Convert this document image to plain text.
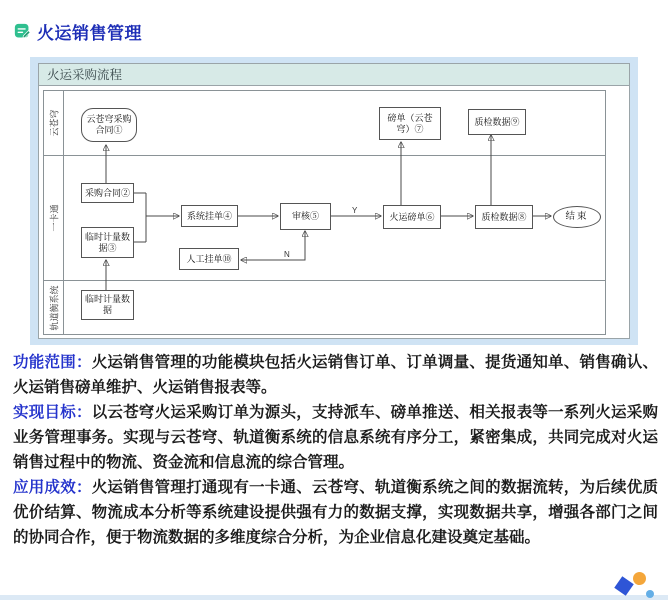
火运销售管理
火运采购流程
云苍穹
一卡通
轨道衡系统
Y
N
云苍穹采购合同①
采购合同②
临时计量数据③
系统挂单④	审核⑤	火运磅单⑥
磅单（云苍穹）⑦
质检数据⑧
质检数据⑨
人工挂单⑩
临时计量数据
结束

功能范围：火运销售管理的功能模块包括火运销售订单、订单调量、提货通知单、销售确认、火运销售磅单维护、火运销售报表等。

实现目标：以云苍穹火运采购订单为源头，支持派车、磅单推送、相关报表等一系列火运采购业务管理事务。实现与云苍穹、轨道衡系统的信息系统有序分工，紧密集成，共同完成对火运销售过程中的物流、资金流和信息流的综合管理。

应用成效：火运销售管理打通现有一卡通、云苍穹、轨道衡系统之间的数据流转，为后续优质优价结算、物流成本分析等系统建设提供强有力的数据支撑，实现数据共享，增强各部门之间的协同合作，便于物流数据的多维度综合分析，为企业信息化建设奠定基础。
